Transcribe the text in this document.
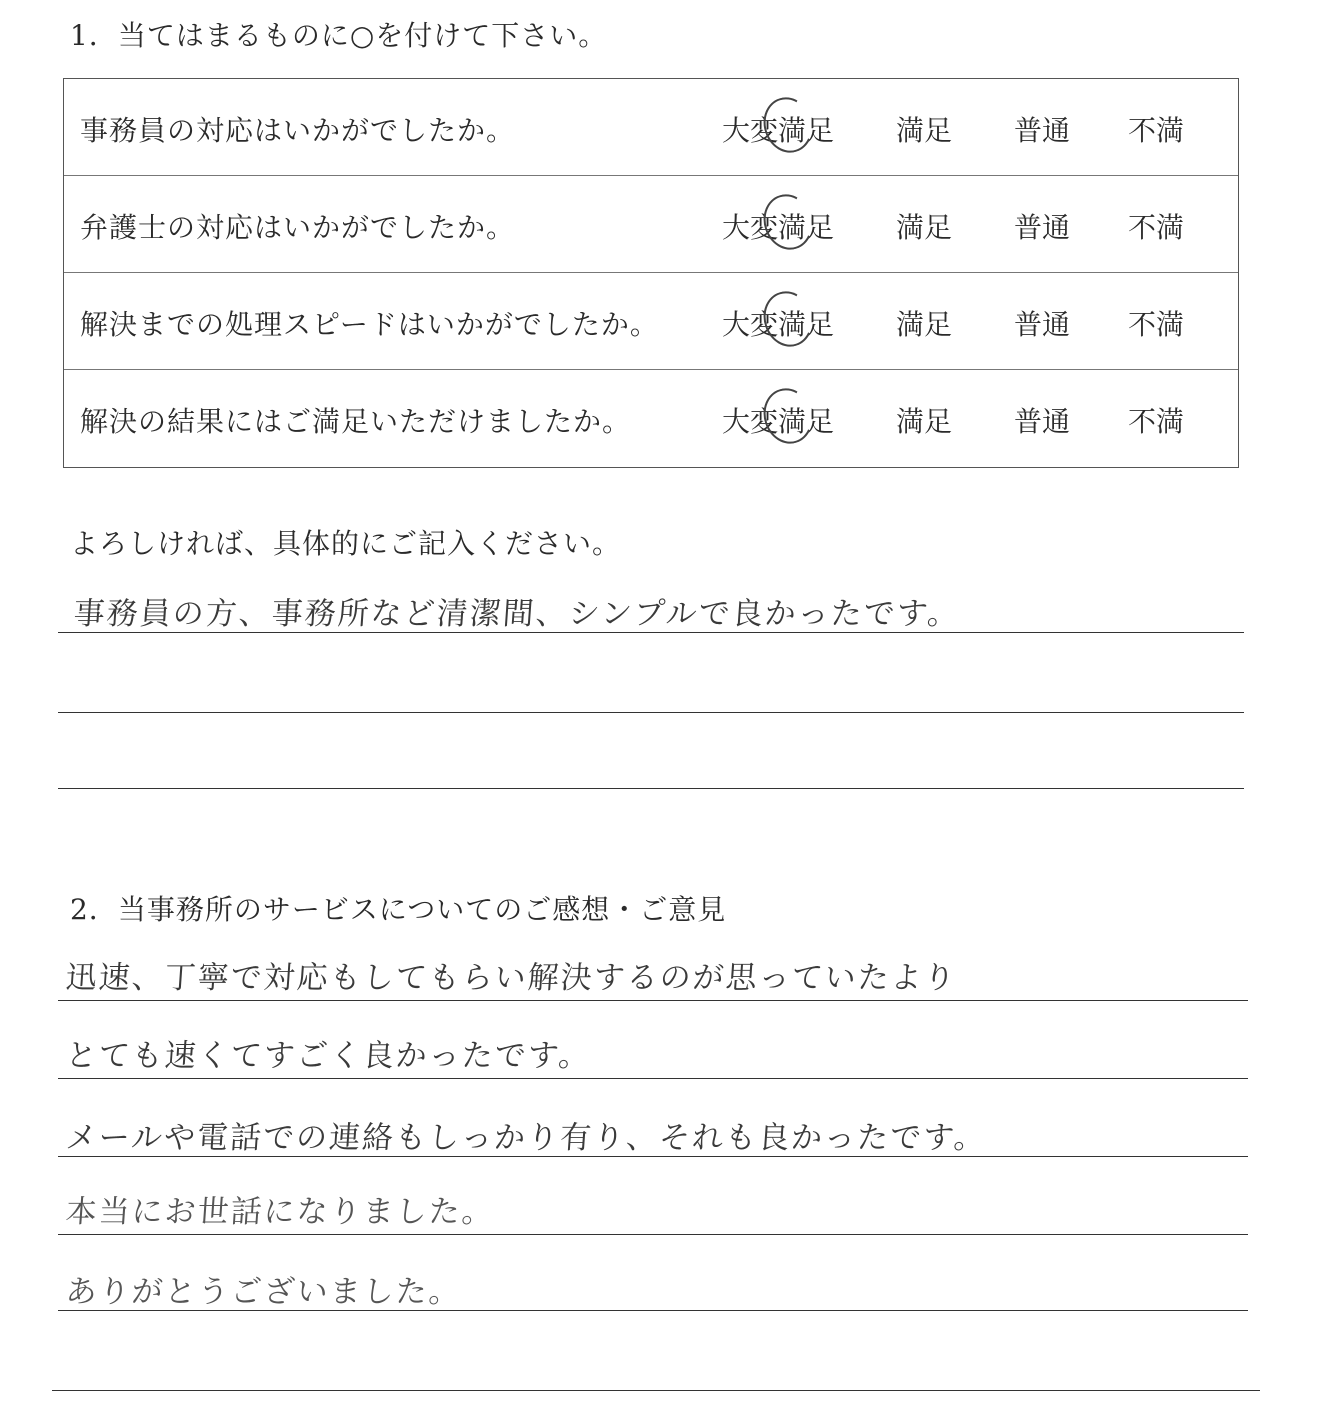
1．当てはまるものに○を付けて下さい。
事務員の対応はいかがでしたか。	大変満足 満足 普通 不満
弁護士の対応はいかがでしたか。	大変満足 満足 普通 不満
解決までの処理スピードはいかがでしたか。 大変満足 満足 普通 不満
解決の結果にはご満足いただけましたか。	大変満足 満足 普通 不満
よろしければ、具体的にご記入ください。
事務員の方、事務所など清潔間、シンプルで良かったです。
2．当事務所のサービスについてのご感想・ご意見
迅速、丁寧で対応もしてもらい解決するのが思っていたより
とても速くてすごく良かったです。
メールや電話での連絡もしっかり有り、それも良かったです。
本当にお世話になりました。
ありがとうございました。
